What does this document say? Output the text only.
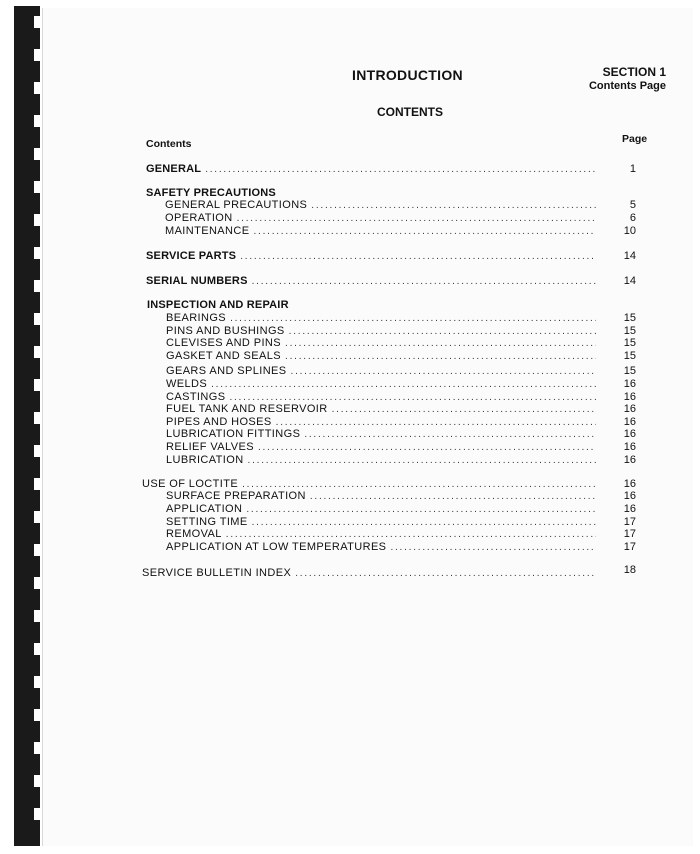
INTRODUCTION	SECTION 1
Contents Page
CONTENTS
Contents	Page
GENERAL . . .	1
SAFETY PRECAUTIONS
GENERAL PRECAUTIONS . . .	5
OPERATION . . .	6
MAINTENANCE . . .	10
SERVICE PARTS . . .	14
SERIAL NUMBERS . . .	14
INSPECTION AND REPAIR
BEARINGS . . .	15
PINS AND BUSHINGS . . .	15
CLEVISES AND PINS . . .	15
GASKET AND SEALS . . .	15
GEARS AND SPLINES . . .	15
WELDS . . .	16
CASTINGS . . .	16
FUEL TANK AND RESERVOIR . . .	16
PIPES AND HOSES . . .	16
LUBRICATION FITTINGS . . .	16
RELIEF VALVES . . .	16
LUBRICATION . . .	16
USE OF LOCTITE . . .	16
SURFACE PREPARATION . . .	16
APPLICATION . . .	16
SETTING TIME . . .	17
REMOVAL . . .	17
APPLICATION AT LOW TEMPERATURES . . .	17
SERVICE BULLETIN INDEX . . .	18
